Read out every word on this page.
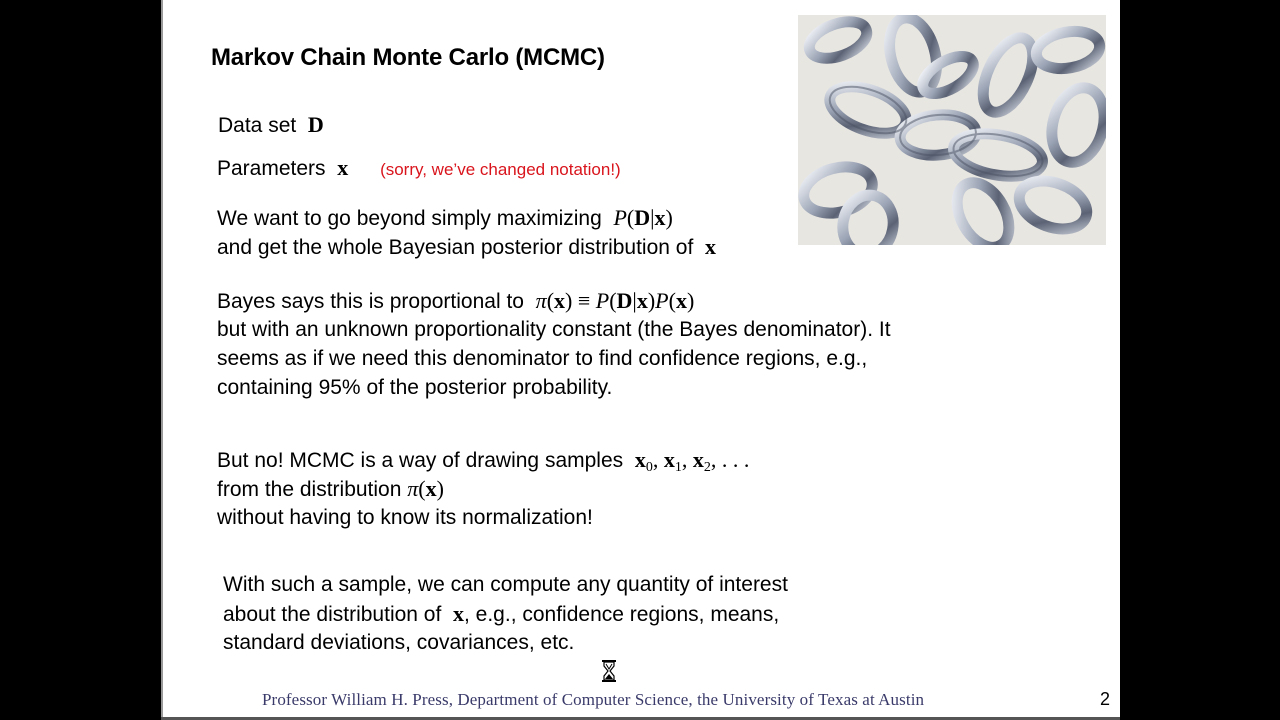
Markov Chain Monte Carlo (MCMC)
Data set D
Parameters x (sorry, we’ve changed notation!)
We want to go beyond simply maximizing P(D|x)
and get the whole Bayesian posterior distribution of x
Bayes says this is proportional to π(x) ≡ P(D|x)P(x)
but with an unknown proportionality constant (the Bayes denominator). It
seems as if we need this denominator to find confidence regions, e.g.,
containing 95% of the posterior probability.
But no! MCMC is a way of drawing samples $x_0$, $x_1$, $x_2$, . . .
from the distribution π(x)
without having to know its normalization!
With such a sample, we can compute any quantity of interest
about the distribution of x, e.g., confidence regions, means,
standard deviations, covariances, etc.
Professor William H. Press, Department of Computer Science, the University of Texas at Austin	2
